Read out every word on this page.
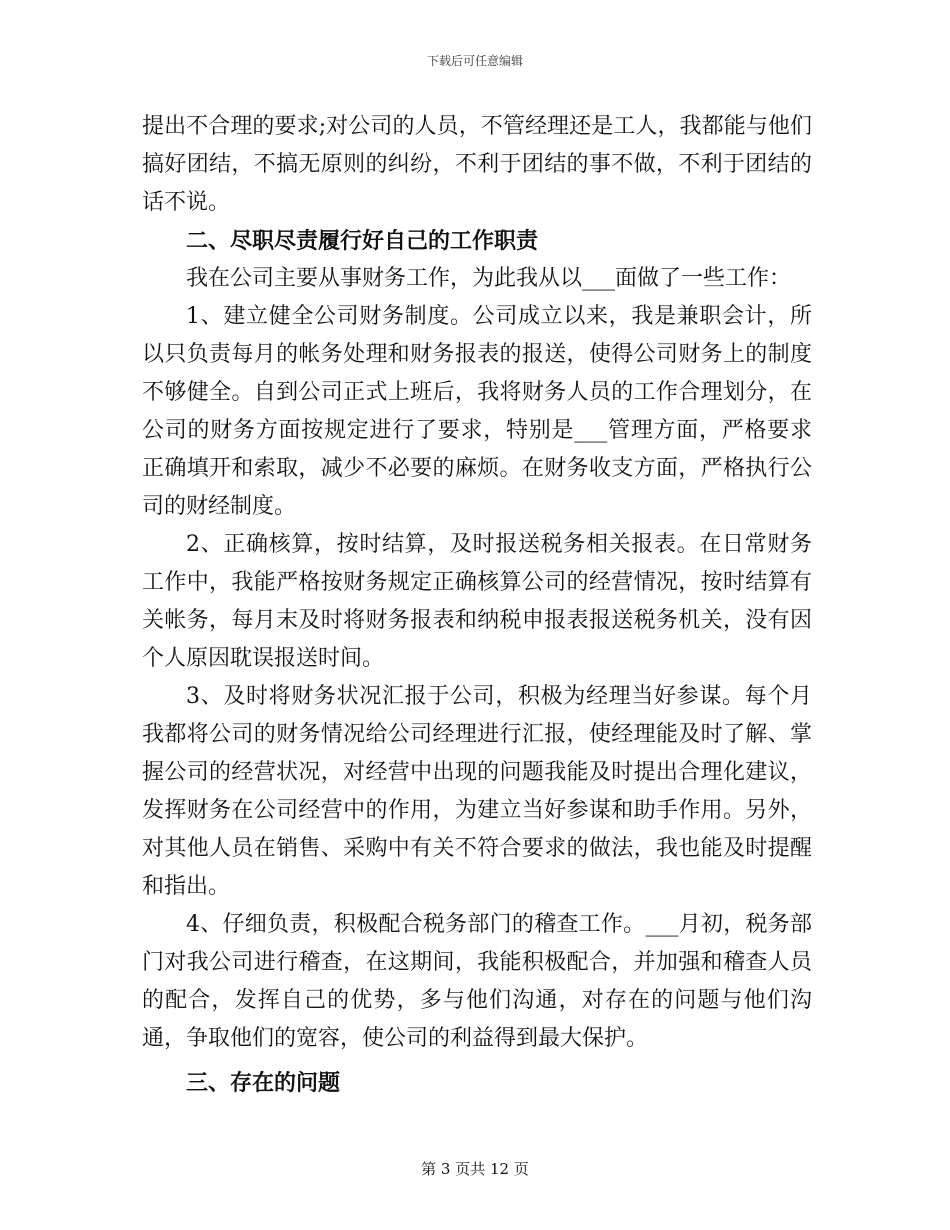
下载后可任意编辑

提出不合理的要求;对公司的人员，不管经理还是工人，我都能与他们搞好团结，不搞无原则的纠纷，不利于团结的事不做，不利于团结的话不说。

二、尽职尽责履行好自己的工作职责

我在公司主要从事财务工作，为此我从以___面做了一些工作：

1、建立健全公司财务制度。公司成立以来，我是兼职会计，所以只负责每月的帐务处理和财务报表的报送，使得公司财务上的制度不够健全。自到公司正式上班后，我将财务人员的工作合理划分，在公司的财务方面按规定进行了要求，特别是___管理方面，严格要求正确填开和索取，减少不必要的麻烦。在财务收支方面，严格执行公司的财经制度。

2、正确核算，按时结算，及时报送税务相关报表。在日常财务工作中，我能严格按财务规定正确核算公司的经营情况，按时结算有关帐务，每月末及时将财务报表和纳税申报表报送税务机关，没有因个人原因耽误报送时间。

3、及时将财务状况汇报于公司，积极为经理当好参谋。每个月我都将公司的财务情况给公司经理进行汇报，使经理能及时了解、掌握公司的经营状况，对经营中出现的问题我能及时提出合理化建议，发挥财务在公司经营中的作用，为建立当好参谋和助手作用。另外，对其他人员在销售、采购中有关不符合要求的做法，我也能及时提醒和指出。

4、仔细负责，积极配合税务部门的稽查工作。___月初，税务部门对我公司进行稽查，在这期间，我能积极配合，并加强和稽查人员的配合，发挥自己的优势，多与他们沟通，对存在的问题与他们沟通，争取他们的宽容，使公司的利益得到最大保护。

三、存在的问题

第 3 页共 12 页
